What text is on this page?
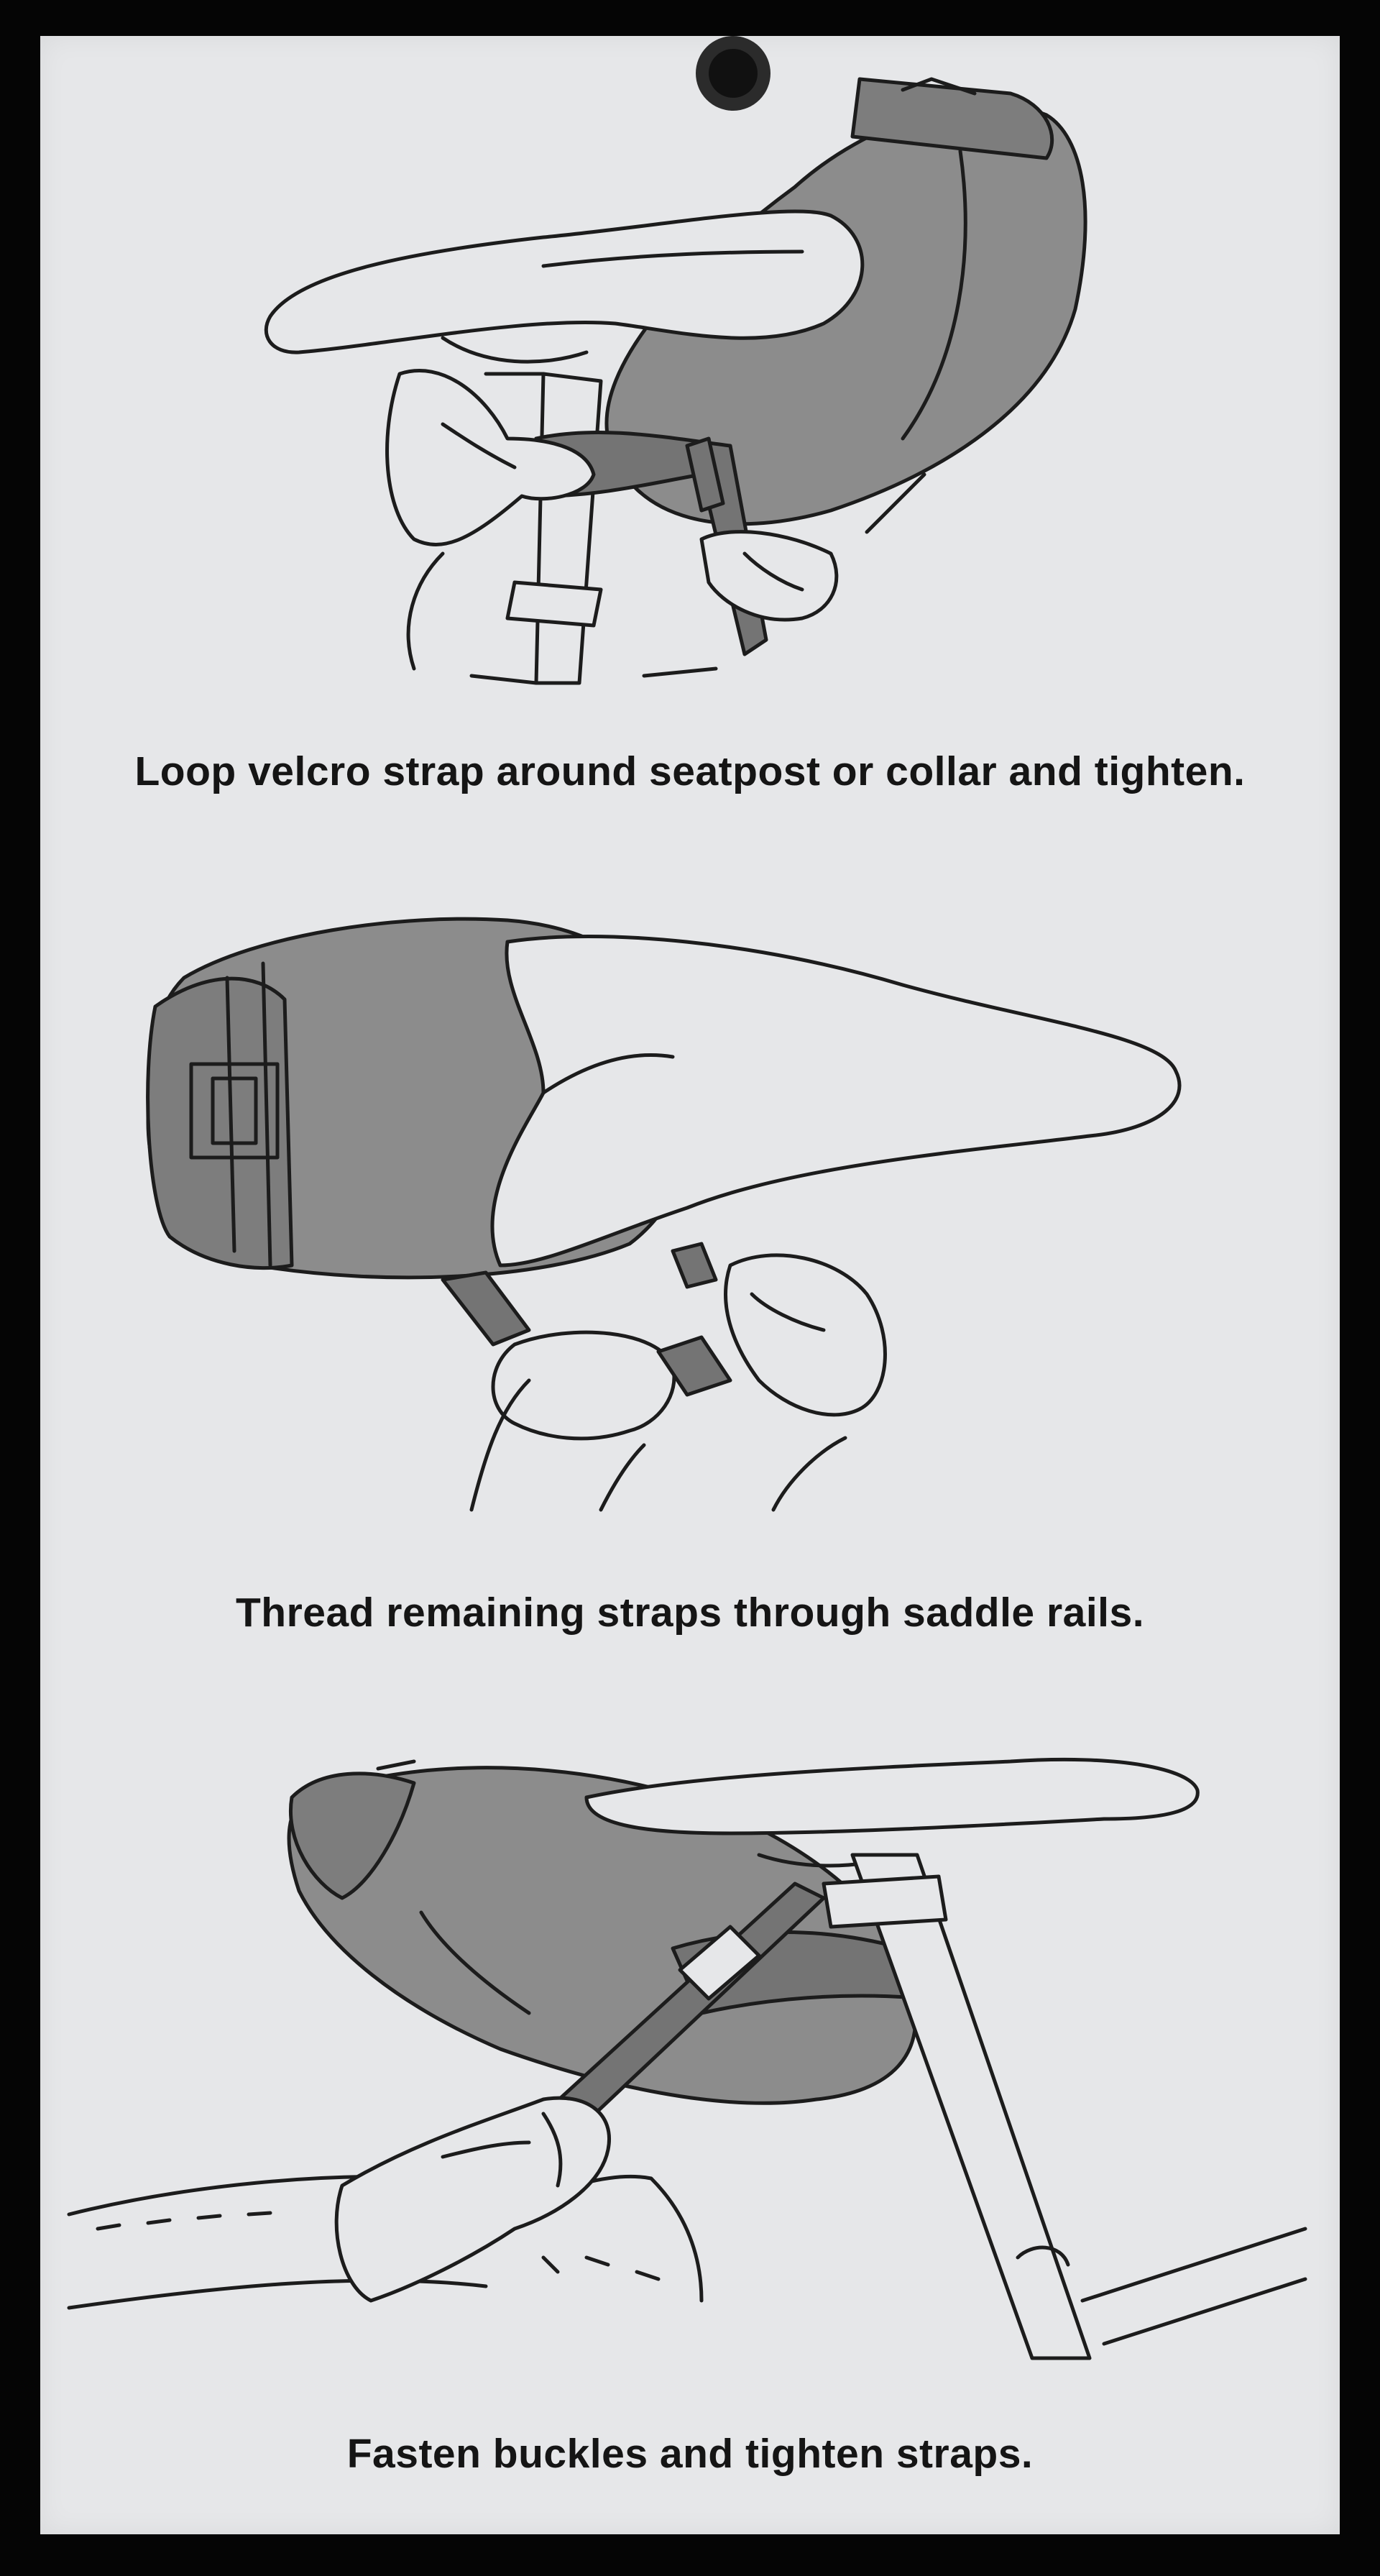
Loop velcro strap around seatpost or collar and tighten.
Thread remaining straps through saddle rails.
Fasten buckles and tighten straps.
